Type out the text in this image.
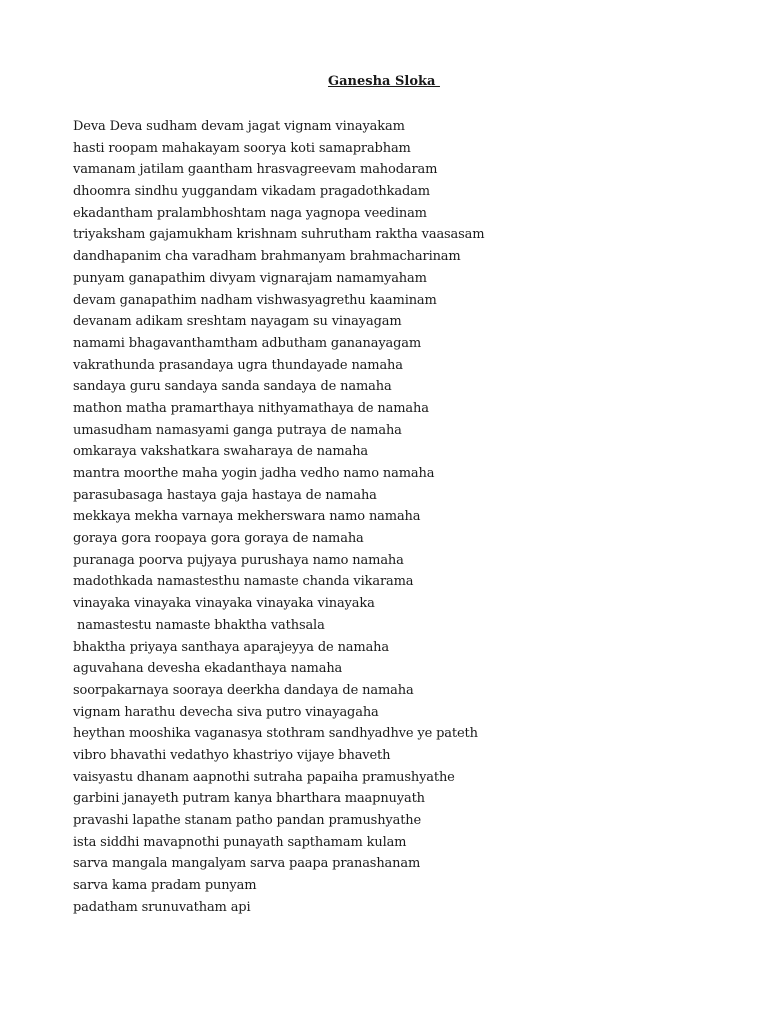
Ganesha Sloka
Deva Deva sudham devam jagat vignam vinayakam
hasti roopam mahakayam soorya koti samaprabham
vamanam jatilam gaantham hrasvagreevam mahodaram
dhoomra sindhu yuggandam vikadam pragadothkadam
ekadantham pralambhoshtam naga yagnopa veedinam
triyaksham gajamukham krishnam suhrutham raktha vaasasam
dandhapanim cha varadham brahmanyam brahmacharinam
punyam ganapathim divyam vignarajam namamyaham
devam ganapathim nadham vishwasyagrethu kaaminam
devanam adikam sreshtam nayagam su vinayagam
namami bhagavanthamtham adbutham gananayagam
vakrathunda prasandaya ugra thundayade namaha
sandaya guru sandaya sanda sandaya de namaha
mathon matha pramarthaya nithyamathaya de namaha
umasudham namasyami ganga putraya de namaha
omkaraya vakshatkara swaharaya de namaha
mantra moorthe maha yogin jadha vedho namo namaha
parasubasaga hastaya gaja hastaya de namaha
mekkaya mekha varnaya mekherswara namo namaha
goraya gora roopaya gora goraya de namaha
puranaga poorva pujyaya purushaya namo namaha
madothkada namastesthu namaste chanda vikarama
vinayaka vinayaka vinayaka vinayaka vinayaka
namastestu namaste bhaktha vathsala
bhaktha priyaya santhaya aparajeyya de namaha
aguvahana devesha ekadanthaya namaha
soorpakarnaya sooraya deerkha dandaya de namaha
vignam harathu devecha siva putro vinayagaha
heythan mooshika vaganasya stothram sandhyadhve ye pateth
vibro bhavathi vedathyo khastriyo vijaye bhaveth
vaisyastu dhanam aapnothi sutraha papaiha pramushyathe
garbini janayeth putram kanya bharthara maapnuyath
pravashi lapathe stanam patho pandan pramushyathe
ista siddhi mavapnothi punayath sapthamam kulam
sarva mangala mangalyam sarva paapa pranashanam
sarva kama pradam punyam
padatham srunuvatham api
